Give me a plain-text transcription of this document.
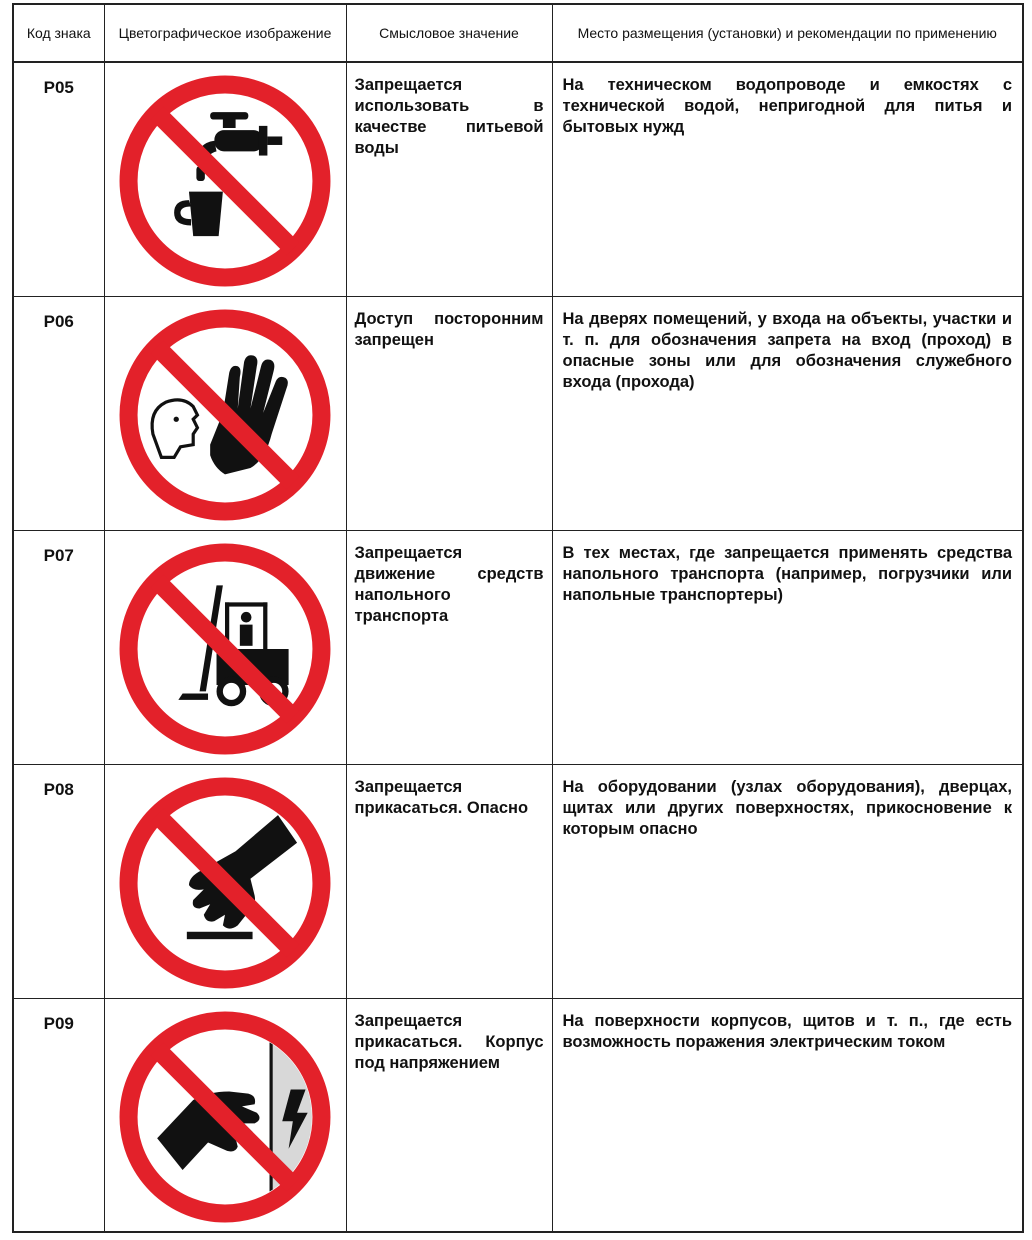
Код знака	Цветографическое изображение	Смысловое значение	Место размещения (установки) и рекомендации по применению
P05		Запрещается использовать в качестве питьевой воды	На техническом водопроводе и емкостях с технической водой, непригодной для питья и бытовых нужд
P06		Доступ посторонним запрещен	На дверях помещений, у входа на объекты, участки и т. п. для обозначения запрета на вход (проход) в опасные зоны или для обозначения служебного входа (прохода)
P07		Запрещается движение средств напольного транспорта	В тех местах, где запрещается применять средства напольного транспорта (например, погрузчики или напольные транспортеры)
P08		Запрещается прикасаться. Опасно	На оборудовании (узлах оборудования), дверцах, щитах или других поверхностях, прикосновение к которым опасно
P09		Запрещается прикасаться. Корпус под напряжением	На поверхности корпусов, щитов и т. п., где есть возможность поражения электрическим током
